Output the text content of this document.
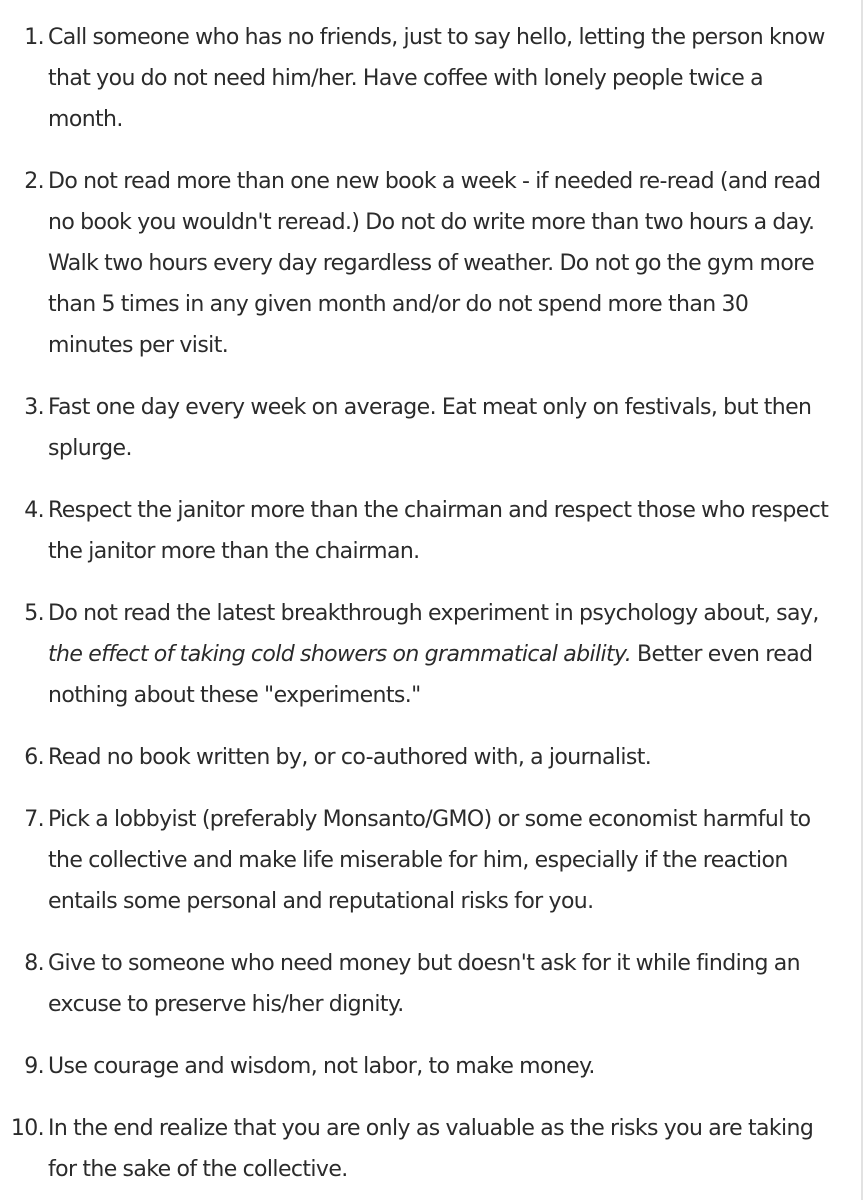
1. Call someone who has no friends, just to say hello, letting the person know that you do not need him/her. Have coffee with lonely people twice a month.
2. Do not read more than one new book a week - if needed re-read (and read no book you wouldn't reread.) Do not do write more than two hours a day. Walk two hours every day regardless of weather. Do not go the gym more than 5 times in any given month and/or do not spend more than 30 minutes per visit.
3. Fast one day every week on average. Eat meat only on festivals, but then splurge.
4. Respect the janitor more than the chairman and respect those who respect the janitor more than the chairman.
5. Do not read the latest breakthrough experiment in psychology about, say, the effect of taking cold showers on grammatical ability. Better even read nothing about these "experiments."
6. Read no book written by, or co-authored with, a journalist.
7. Pick a lobbyist (preferably Monsanto/GMO) or some economist harmful to the collective and make life miserable for him, especially if the reaction entails some personal and reputational risks for you.
8. Give to someone who need money but doesn't ask for it while finding an excuse to preserve his/her dignity.
9. Use courage and wisdom, not labor, to make money.
10. In the end realize that you are only as valuable as the risks you are taking for the sake of the collective.
